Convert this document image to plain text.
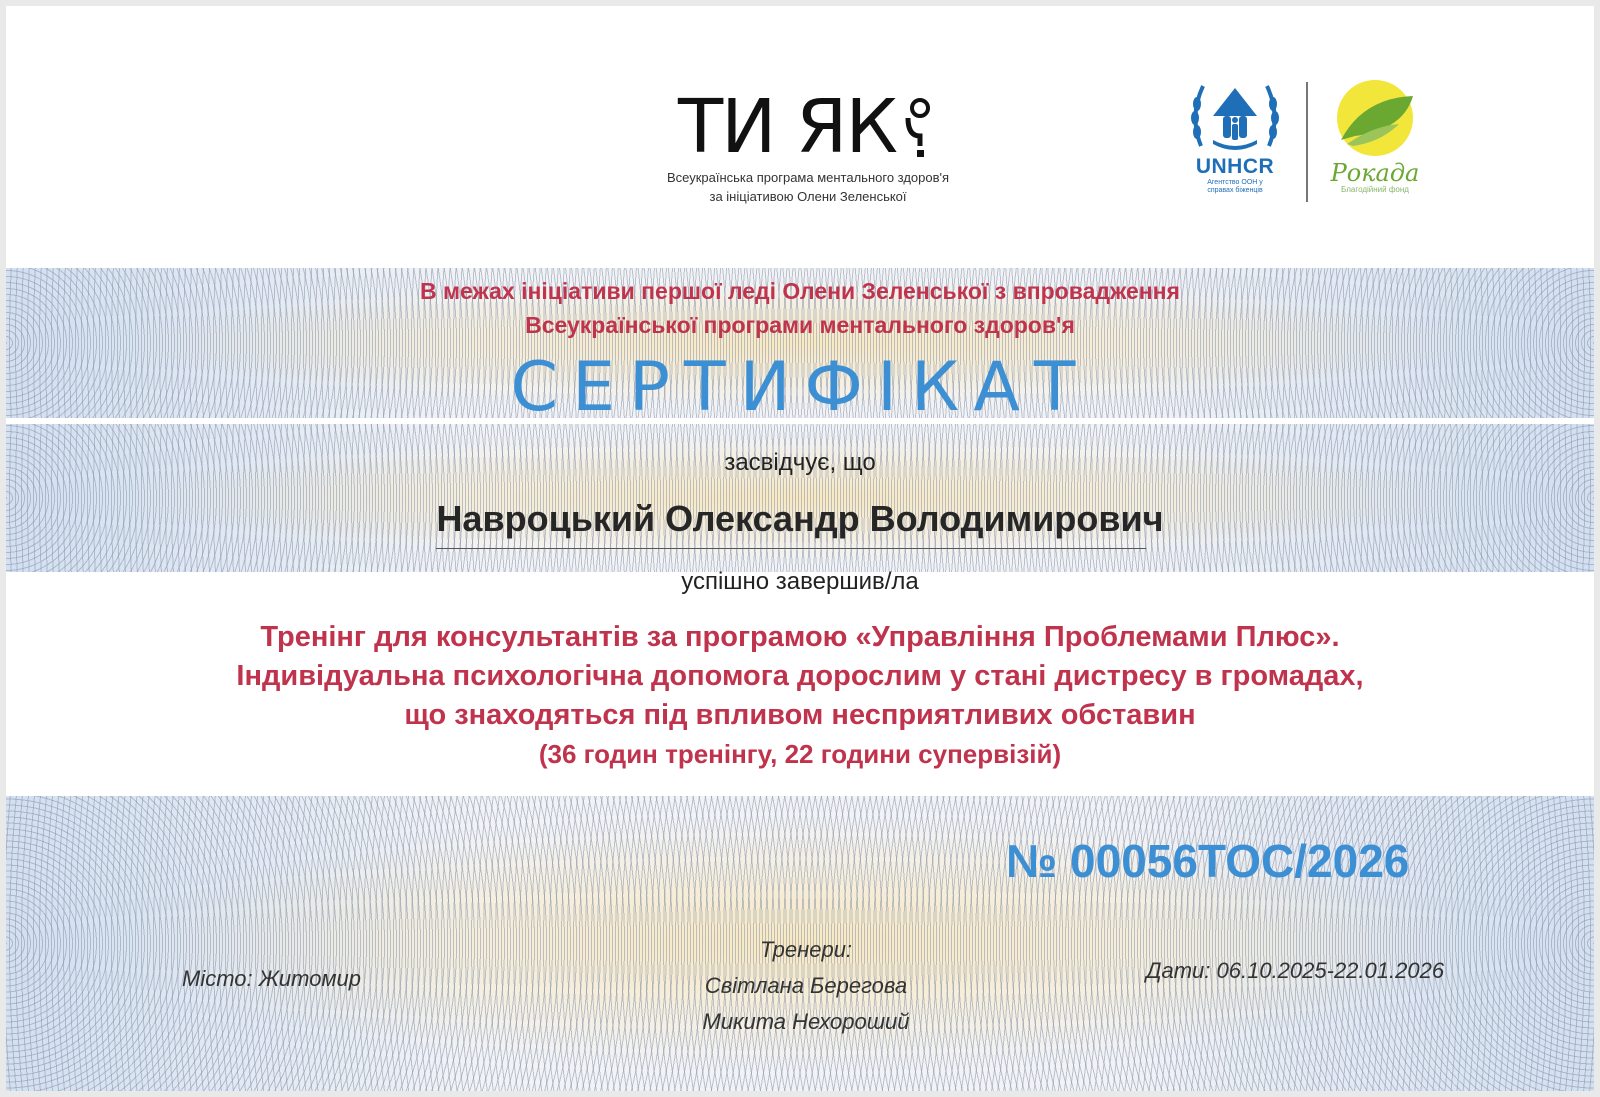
ТИ ЯК
Всеукраїнська програма ментального здоров'я
за ініціативою Олени Зеленської
UNHCR
Агентство ООН у
справах біженців
Рокада
Благодійний фонд
В межах ініціативи першої леді Олени Зеленської з впровадження
Всеукраїнської програми ментального здоров'я
СЕРТИФІКАТ
засвідчує, що
Навроцький Олександр Володимирович
успішно завершив/ла
Тренінг для консультантів за програмою «Управління Проблемами Плюс».
Індивідуальна психологічна допомога дорослим у стані дистресу в громадах,
що знаходяться під впливом несприятливих обставин
(36 годин тренінгу, 22 години супервізій)
№ 00056TOC/2026
Місто: Житомир
Тренери:
Світлана Берегова
Микита Нехороший
Дати: 06.10.2025-22.01.2026
